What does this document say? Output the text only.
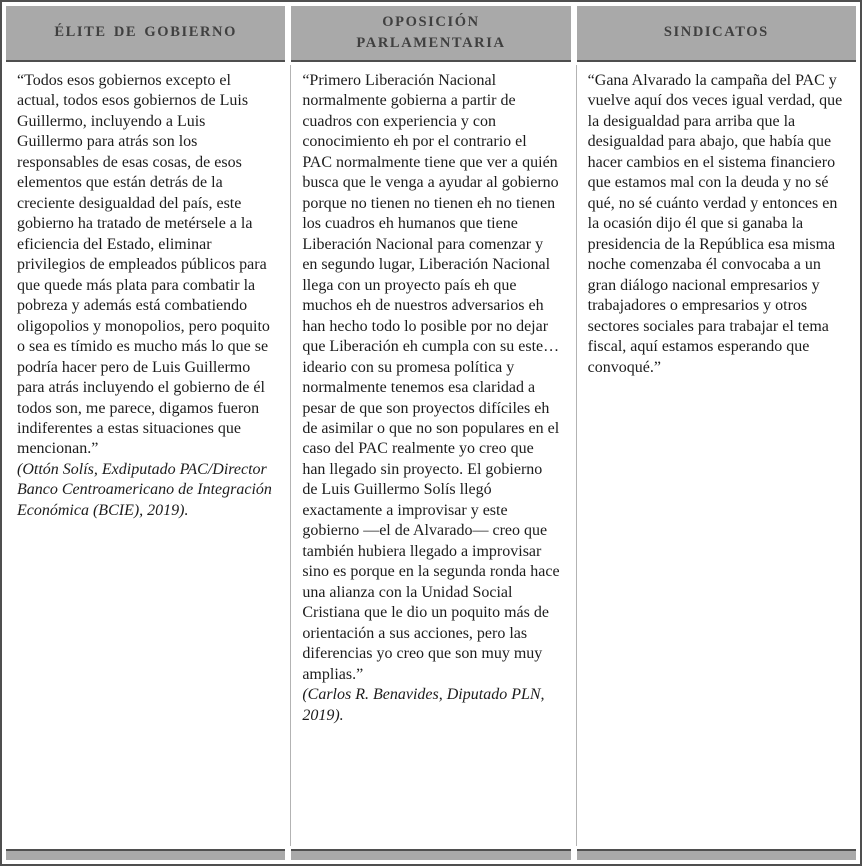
ÉLITE DE GOBIERNO

“Todos esos gobiernos excepto el actual, todos esos gobiernos de Luis Guillermo, incluyendo a Luis Guillermo para atrás son los responsables de esas cosas, de esos elementos que están detrás de la creciente desigualdad del país, este gobierno ha tratado de metérsele a la eficiencia del Estado, eliminar privilegios de empleados públicos para que quede más plata para combatir la pobreza y además está combatiendo oligopolios y monopolios, pero poquito o sea es tímido es mucho más lo que se podría hacer pero de Luis Guillermo para atrás incluyendo el gobierno de él todos son, me parece, digamos fueron indiferentes a estas situaciones que mencionan.”

(Ottón Solís, Exdiputado PAC/Director Banco Centroamericano de Integración Económica (BCIE), 2019).

OPOSICIÓN PARLAMENTARIA

“Primero Liberación Nacional normalmente gobierna a partir de cuadros con experiencia y con conocimiento eh por el contrario el PAC normalmente tiene que ver a quién busca que le venga a ayudar al gobierno porque no tienen no tienen eh no tienen los cuadros eh humanos que tiene Liberación Nacional para comenzar y en segundo lugar, Liberación Nacional llega con un proyecto país eh que muchos eh de nuestros adversarios eh han hecho todo lo posible por no dejar que Liberación eh cumpla con su este… ideario con su promesa política y normalmente tenemos esa claridad a pesar de que son proyectos difíciles eh de asimilar o que no son populares en el caso del PAC realmente yo creo que han llegado sin proyecto. El gobierno de Luis Guillermo Solís llegó exactamente a improvisar y este gobierno —el de Alvarado— creo que también hubiera llegado a improvisar sino es porque en la segunda ronda hace una alianza con la Unidad Social Cristiana que le dio un poquito más de orientación a sus acciones, pero las diferencias yo creo que son muy muy amplias.”

(Carlos R. Benavides, Diputado PLN, 2019).

SINDICATOS

“Gana Alvarado la campaña del PAC y vuelve aquí dos veces igual verdad, que la desigualdad para arriba que la desigualdad para abajo, que había que hacer cambios en el sistema financiero que estamos mal con la deuda y no sé qué, no sé cuánto verdad y entonces en la ocasión dijo él que si ganaba la presidencia de la República esa misma noche comenzaba él convocaba a un gran diálogo nacional empresarios y trabajadores o empresarios y otros sectores sociales para trabajar el tema fiscal, aquí estamos esperando que convoqué.”
